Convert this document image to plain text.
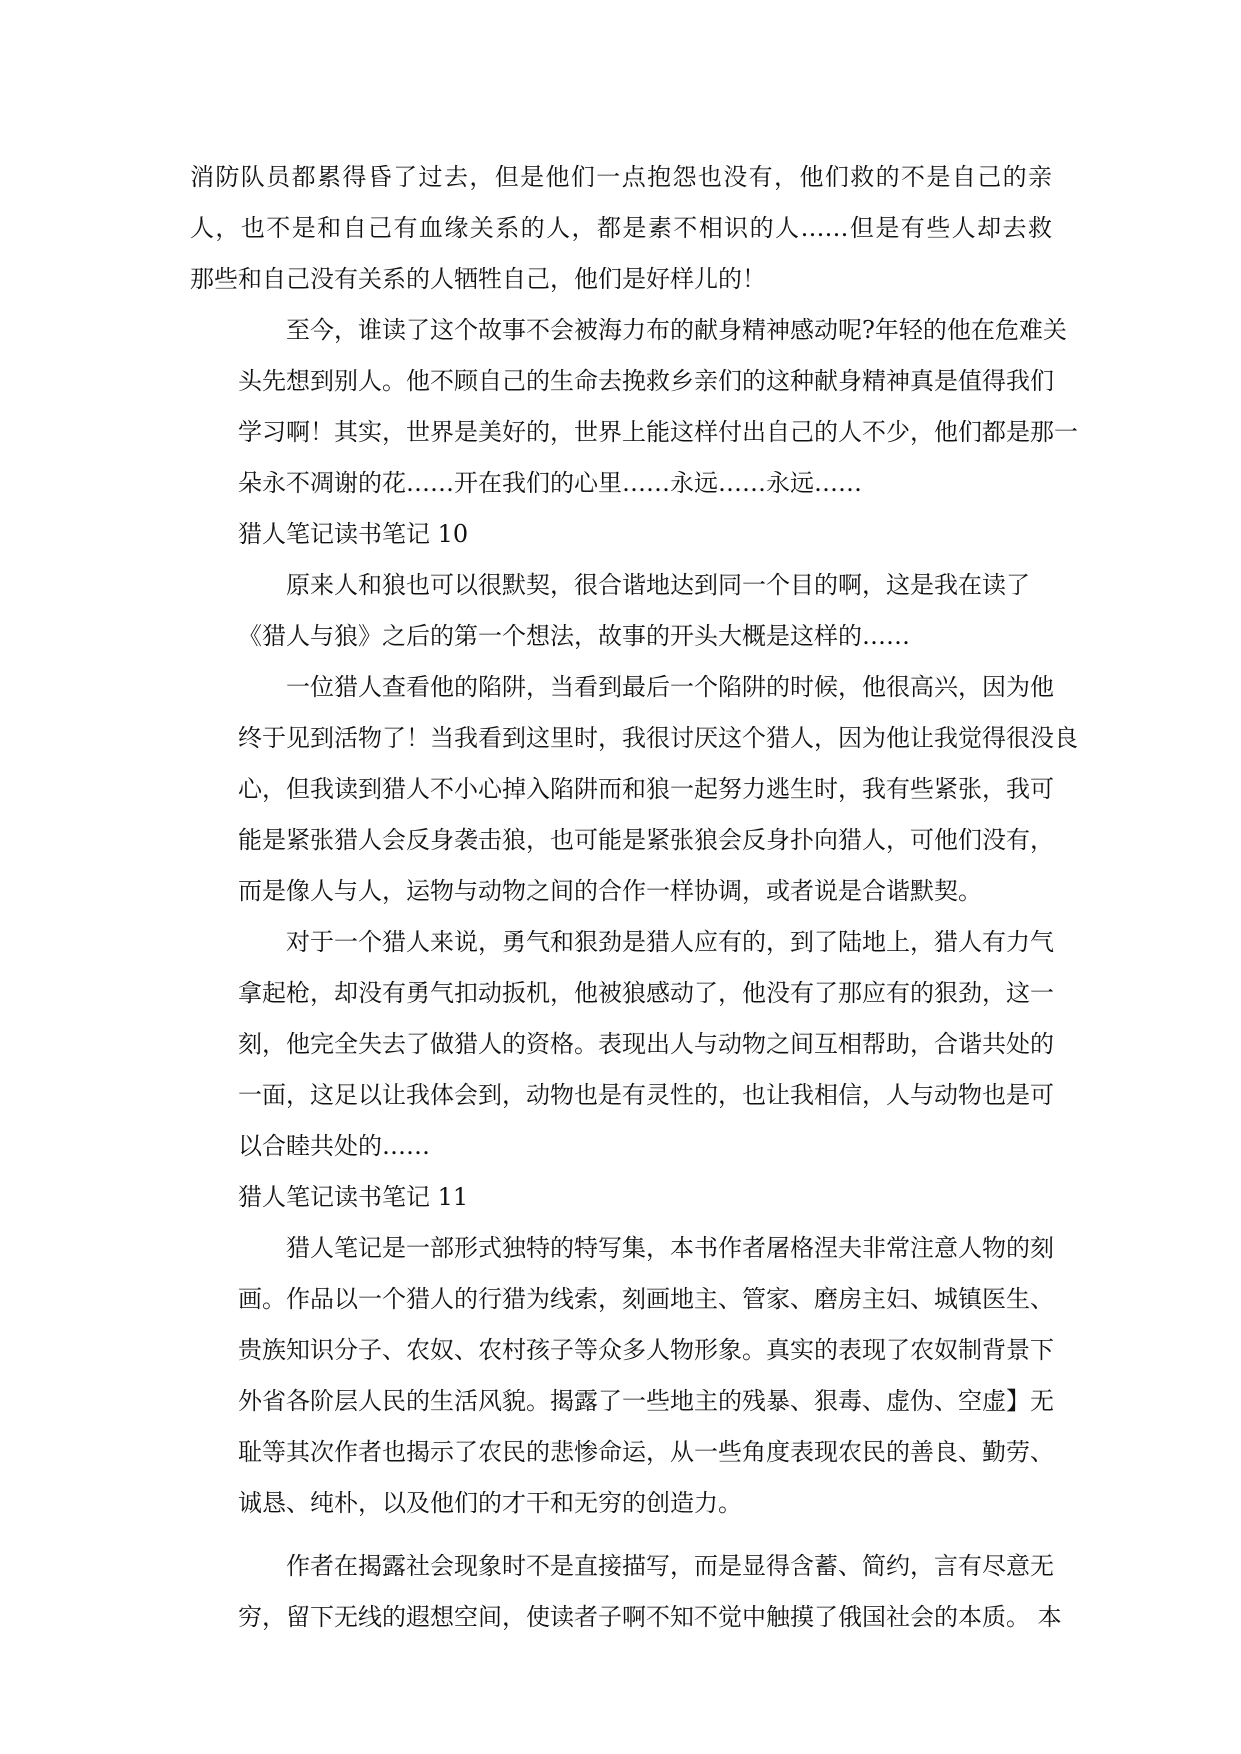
消防队员都累得昏了过去，但是他们一点抱怨也没有，他们救的不是自己的亲
人，也不是和自己有血缘关系的人，都是素不相识的人……但是有些人却去救
那些和自己没有关系的人牺牲自己，他们是好样儿的！
至今，谁读了这个故事不会被海力布的献身精神感动呢?年轻的他在危难关
头先想到别人。他不顾自己的生命去挽救乡亲们的这种献身精神真是值得我们
学习啊！其实，世界是美好的，世界上能这样付出自己的人不少，他们都是那一
朵永不凋谢的花……开在我们的心里……永远……永远……
猎人笔记读书笔记 10
原来人和狼也可以很默契，很合谐地达到同一个目的啊，这是我在读了
《猎人与狼》之后的第一个想法，故事的开头大概是这样的……
一位猎人查看他的陷阱，当看到最后一个陷阱的时候，他很高兴，因为他
终于见到活物了！当我看到这里时，我很讨厌这个猎人，因为他让我觉得很没良
心，但我读到猎人不小心掉入陷阱而和狼一起努力逃生时，我有些紧张，我可
能是紧张猎人会反身袭击狼，也可能是紧张狼会反身扑向猎人，可他们没有，
而是像人与人，运物与动物之间的合作一样协调，或者说是合谐默契。
对于一个猎人来说，勇气和狠劲是猎人应有的，到了陆地上，猎人有力气
拿起枪，却没有勇气扣动扳机，他被狼感动了，他没有了那应有的狠劲，这一
刻，他完全失去了做猎人的资格。表现出人与动物之间互相帮助，合谐共处的
一面，这足以让我体会到，动物也是有灵性的，也让我相信，人与动物也是可
以合睦共处的……
猎人笔记读书笔记 11
猎人笔记是一部形式独特的特写集，本书作者屠格涅夫非常注意人物的刻
画。作品以一个猎人的行猎为线索，刻画地主、管家、磨房主妇、城镇医生、
贵族知识分子、农奴、农村孩子等众多人物形象。真实的表现了农奴制背景下
外省各阶层人民的生活风貌。揭露了一些地主的残暴、狠毒、虚伪、空虚】无
耻等其次作者也揭示了农民的悲惨命运，从一些角度表现农民的善良、勤劳、
诚恳、纯朴，以及他们的才干和无穷的创造力。
作者在揭露社会现象时不是直接描写，而是显得含蓄、简约，言有尽意无
穷，留下无线的遐想空间，使读者子啊不知不觉中触摸了俄国社会的本质。 本
